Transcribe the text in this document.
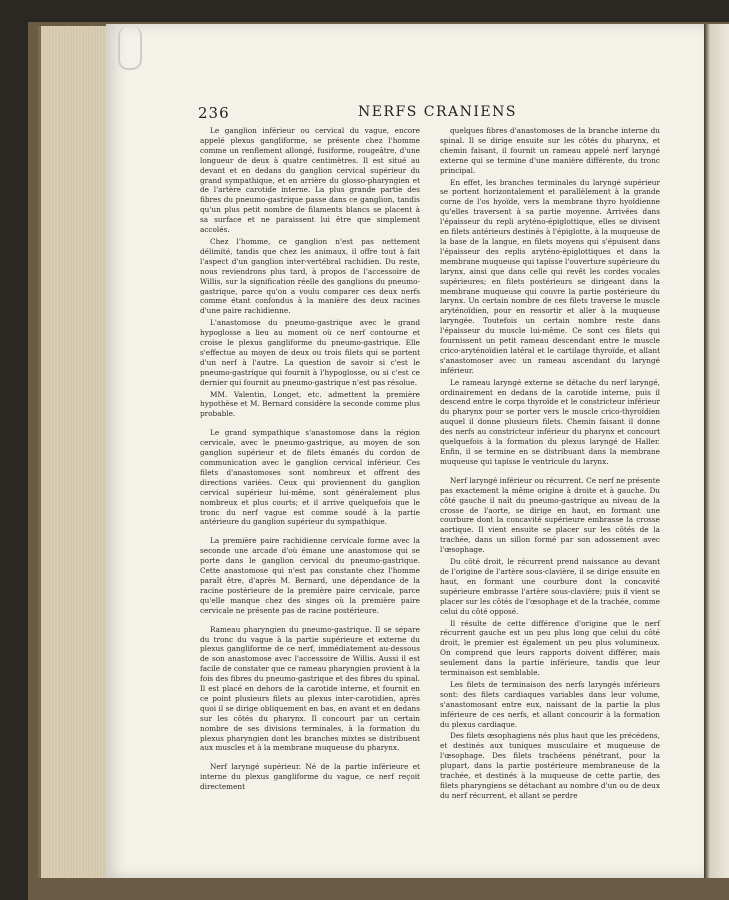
236	NERFS CRANIENS

Le ganglion inférieur ou cervical du vague, encore appelé plexus gangliforme, se présente chez l'homme comme un renflement allongé, fusiforme, rougeâtre, d'une longueur de deux à quatre centimètres. Il est situé au devant et en dedans du ganglion cervical supérieur du grand sympathique, et en arrière du glosso-pharyngien et de l'artère carotide interne. La plus grande partie des fibres du pneumo-gastrique passe dans ce ganglion, tandis qu'un plus petit nombre de filaments blancs se placent à sa surface et ne paraissent lui être que simplement accolés.

Chez l'homme, ce ganglion n'est pas nettement délimité, tandis que chez les animaux, il offre tout à fait l'aspect d'un ganglion inter-vertébral rachidien. Du reste, nous reviendrons plus tard, à propos de l'accessoire de Willis, sur la signification réelle des ganglions du pneumo-gastrique, parce qu'on a voulu comparer ces deux nerfs comme étant confondus à la manière des deux racines d'une paire rachidienne.

L'anastomose du pneumo-gastrique avec le grand hypoglosse a lieu au moment où ce nerf contourne et croise le plexus gangliforme du pneumo-gastrique. Elle s'effectue au moyen de deux ou trois filets qui se portent d'un nerf à l'autre. La question de savoir si c'est le pneumo-gastrique qui fournit à l'hypoglosse, ou si c'est ce dernier qui fournit au pneumo-gastrique n'est pas résolue.

MM. Valentin, Longet, etc. admettent la première hypothèse et M. Bernard considère la seconde comme plus probable.

Le grand sympathique s'anastomose dans la région cervicale, avec le pneumo-gastrique, au moyen de son ganglion supérieur et de filets émanés du cordon de communication avec le ganglion cervical inférieur. Ces filets d'anastomoses sont nombreux et offrent des directions variées. Ceux qui proviennent du ganglion cervical supérieur lui-même, sont généralement plus nombreux et plus courts; et il arrive quelquefois que le tronc du nerf vague est comme soudé à la partie antérieure du ganglion supérieur du sympathique.

La première paire rachidienne cervicale forme avec la seconde une arcade d'où émane une anastomose qui se porte dans le ganglion cervical du pneumo-gastrique. Cette anastomose qui n'est pas constante chez l'homme paraît être, d'après M. Bernard, une dépendance de la racine postérieure de la première paire cervicale, parce qu'elle manque chez des singes où la première paire cervicale ne présente pas de racine postérieure.

Rameau pharyngien du pneumo-gastrique. Il se sépare du tronc du vague à la partie supérieure et externe du plexus gangliforme de ce nerf, immédiatement au-dessous de son anastomose avec l'accessoire de Willis. Aussi il est facile de constater que ce rameau pharyngien provient à la fois des fibres du pneumo-gastrique et des fibres du spinal. Il est placé en dehors de la carotide interne, et fournit en ce point plusieurs filets au plexus inter-carotidien, après quoi il se dirige obliquement en bas, en avant et en dedans sur les côtés du pharynx. Il concourt par un certain nombre de ses divisions terminales, à la formation du plexus pharyngien dont les branches mixtes se distribuent aux muscles et à la membrane muqueuse du pharynx.

Nerf laryngé supérieur. Né de la partie inférieure et interne du plexus gangliforme du vague, ce nerf reçoit directement

quelques fibres d'anastomoses de la branche interne du spinal. Il se dirige ensuite sur les côtés du pharynx, et chemin faisant, il fournit un rameau appelé nerf laryngé externe qui se termine d'une manière différente, du tronc principal.

En effet, les branches terminales du laryngé supérieur se portent horizontalement et parallèlement à la grande corne de l'os hyoïde, vers la membrane thyro hyoïdienne qu'elles traversent à sa partie moyenne. Arrivées dans l'épaisseur du repli aryténo-épiglottique, elles se divisent en filets antérieurs destinés à l'épiglotte, à la muqueuse de la base de la langue, en filets moyens qui s'épuisent dans l'épaisseur des replis aryténo-épiglottiques et dans la membrane muqueuse qui tapisse l'ouverture supérieure du larynx, ainsi que dans celle qui revêt les cordes vocales supérieures; en filets postérieurs se dirigeant dans la membrane muqueuse qui couvre la partie postérieure du larynx. Un certain nombre de ces filets traverse le muscle aryténoïdien, pour en ressortir et aller à la muqueuse laryngée. Toutefois un certain nombre reste dans l'épaisseur du muscle lui-même. Ce sont ces filets qui fournissent un petit rameau descendant entre le muscle crico-aryténoïdien latéral et le cartilage thyroïde, et allant s'anastomoser avec un rameau ascendant du laryngé inférieur.

Le rameau laryngé externe se détache du nerf laryngé, ordinairement en dedans de la carotide interne, puis il descend entre le corps thyroïde et le constricteur inférieur du pharynx pour se porter vers le muscle crico-thyroïdien auquel il donne plusieurs filets. Chemin faisant il donne des nerfs au constricteur inférieur du pharynx et concourt quelquefois à la formation du plexus laryngé de Haller. Enfin, il se termine en se distribuant dans la membrane muqueuse qui tapisse le ventricule du larynx.

Nerf laryngé inférieur ou récurrent. Ce nerf ne présente pas exactement la même origine à droite et à gauche. Du côté gauche il naît du pneumo-gastrique au niveau de la crosse de l'aorte, se dirige en haut, en formant une courbure dont la concavité supérieure embrasse la crosse aortique. Il vient ensuite se placer sur les côtés de la trachée, dans un sillon formé par son adossement avec l'œsophage.

Du côté droit, le récurrent prend naissance au devant de l'origine de l'artère sous-clavière, il se dirige ensuite en haut, en formant une courbure dont la concavité supérieure embrasse l'artère sous-clavière; puis il vient se placer sur les côtés de l'œsophage et de la trachée, comme celui du côté opposé.

Il résulte de cette différence d'origine que le nerf récurrent gauche est un peu plus long que celui du côté droit, le premier est également un peu plus volumineux. On comprend que leurs rapports doivent différer, mais seulement dans la partie inférieure, tandis que leur terminaison est semblable.

Les filets de terminaison des nerfs laryngés inférieurs sont: des filets cardiaques variables dans leur volume, s'anastomosant entre eux, naissant de la partie la plus inférieure de ces nerfs, et allant concourir à la formation du plexus cardiaque.

Des filets œsophagiens nés plus haut que les précédens, et destinés aux tuniques musculaire et muqueuse de l'œsophage. Des filets trachéens pénétrant, pour la plupart, dans la partie postérieure membraneuse de la trachée, et destinés à la muqueuse de cette partie, des filets pharyngiens se détachant au nombre d'un ou de deux du nerf récurrent, et allant se perdre
